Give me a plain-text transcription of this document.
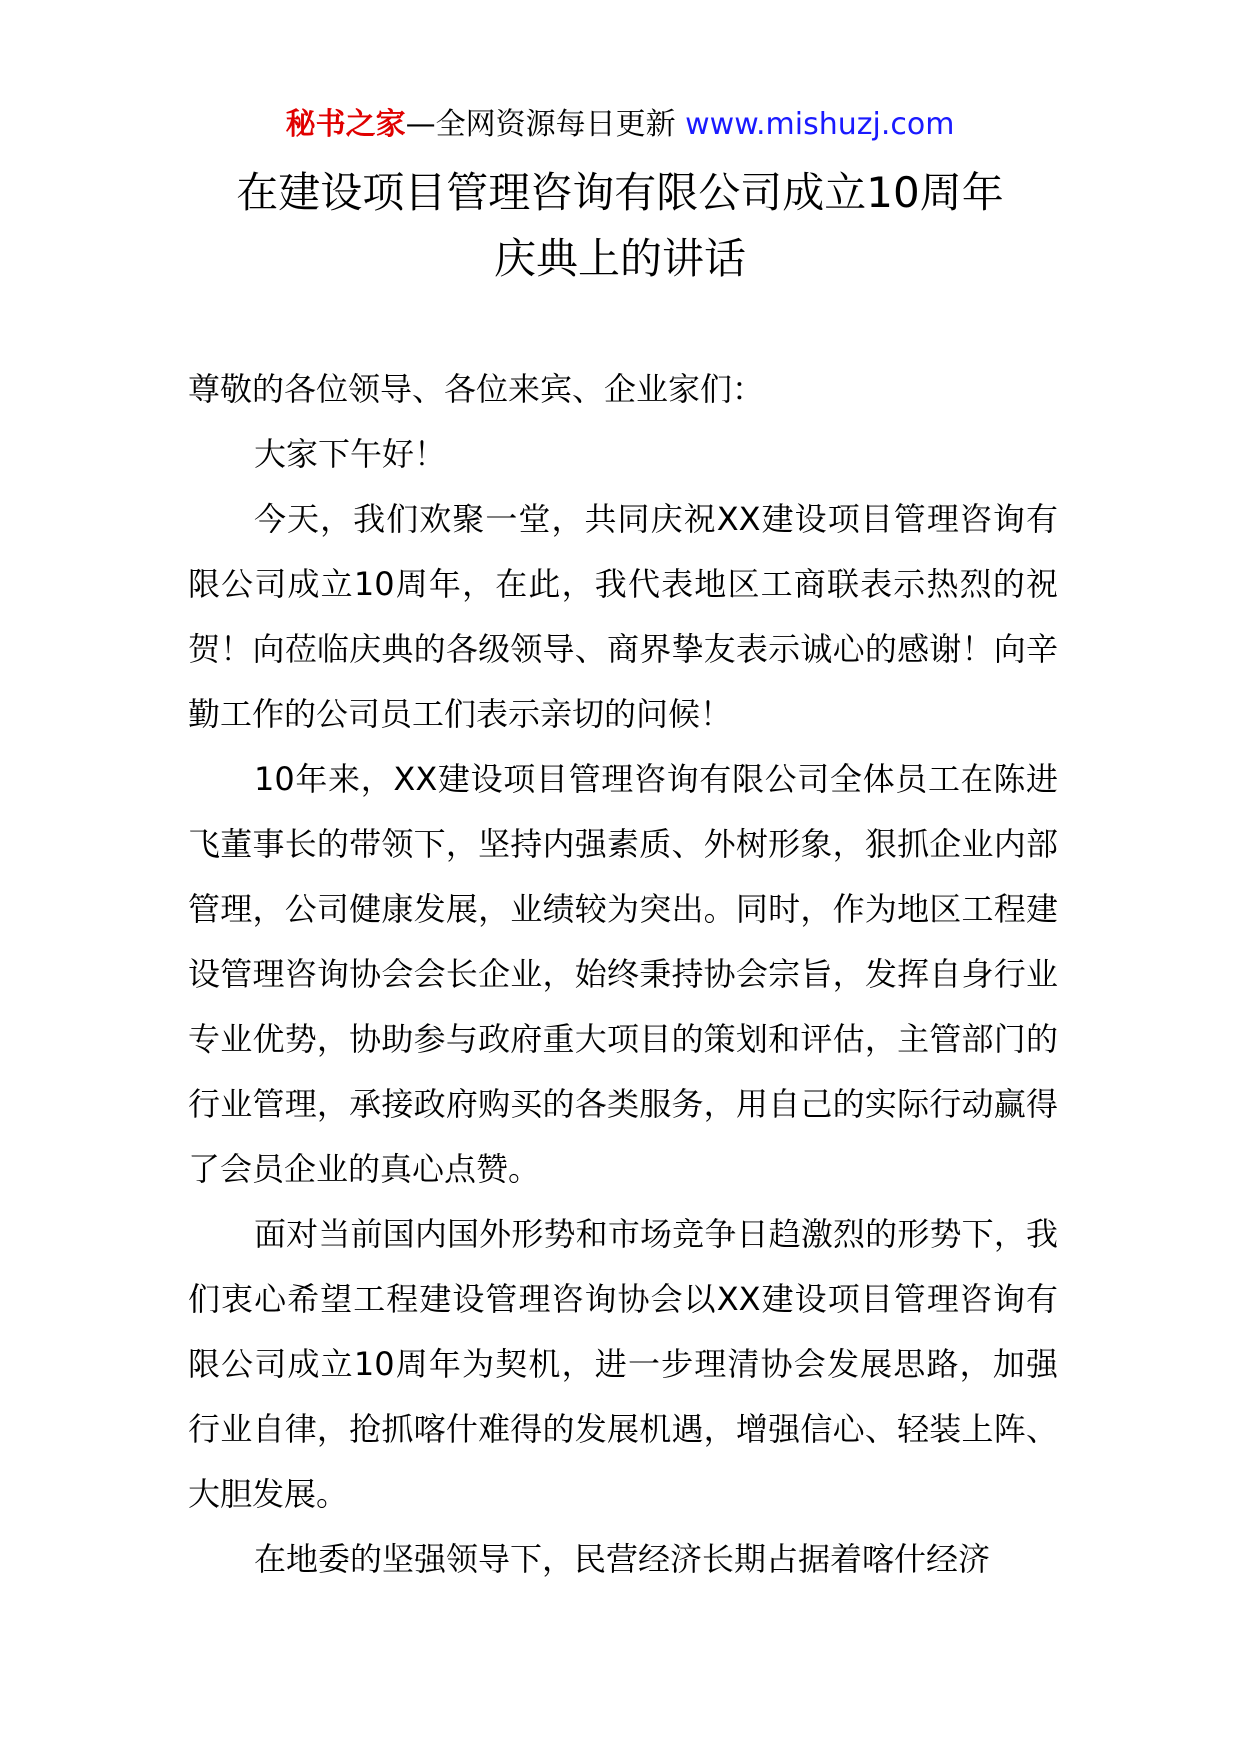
秘书之家—全网资源每日更新 www.mishuzj.com
在建设项目管理咨询有限公司成立10周年
庆典上的讲话

尊敬的各位领导、各位来宾、企业家们：

大家下午好！

今天，我们欢聚一堂，共同庆祝XX建设项目管理咨询有限公司成立10周年，在此，我代表地区工商联表示热烈的祝贺！向莅临庆典的各级领导、商界挚友表示诚心的感谢！向辛勤工作的公司员工们表示亲切的问候！

10年来，XX建设项目管理咨询有限公司全体员工在陈进飞董事长的带领下，坚持内强素质、外树形象，狠抓企业内部管理，公司健康发展，业绩较为突出。同时，作为地区工程建设管理咨询协会会长企业，始终秉持协会宗旨，发挥自身行业专业优势，协助参与政府重大项目的策划和评估，主管部门的行业管理，承接政府购买的各类服务，用自己的实际行动赢得了会员企业的真心点赞。

面对当前国内国外形势和市场竞争日趋激烈的形势下，我们衷心希望工程建设管理咨询协会以XX建设项目管理咨询有限公司成立10周年为契机，进一步理清协会发展思路，加强行业自律，抢抓喀什难得的发展机遇，增强信心、轻装上阵、大胆发展。

在地委的坚强领导下，民营经济长期占据着喀什经济
